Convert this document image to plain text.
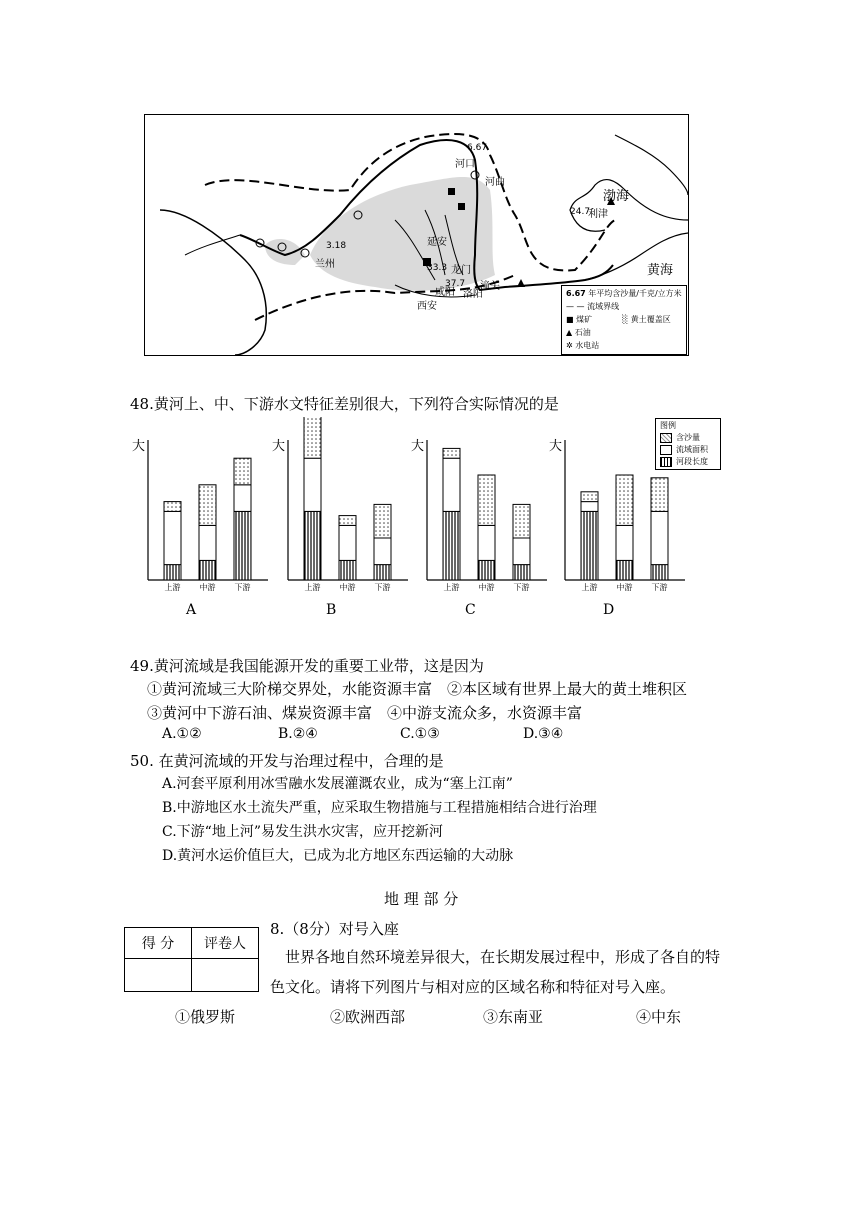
河口
河曲
6.67
兰州
3.18	延安
龙门
33.3
西安
咸阳
37.7
洛阳
潼关
利津
24.7
渤海
黄海
6.67 年平均含沙量/千克/立方米
— — 流域界线
■ 煤矿	░ 黄土覆盖区
▲ 石油
✲ 水电站
48.黄河上、中、下游水文特征差别很大，下列符合实际情况的是
大
上游 中游 下游
A
大
上游 中游 下游
B
大
上游 中游 下游
C
大
上游 中游 下游
D
图例
含沙量
流域面积
河段长度
49.黄河流域是我国能源开发的重要工业带，这是因为
①黄河流域三大阶梯交界处，水能资源丰富　②本区域有世界上最大的黄土堆积区
③黄河中下游石油、煤炭资源丰富　④中游支流众多，水资源丰富
A.①②	B.②④	C.①③	D.③④
50. 在黄河流域的开发与治理过程中，合理的是
A.河套平原利用冰雪融水发展灌溉农业，成为“塞上江南”
B.中游地区水土流失严重，应采取生物措施与工程措施相结合进行治理
C.下游“地上河”易发生洪水灾害，应开挖新河
D.黄河水运价值巨大，已成为北方地区东西运输的大动脉
地 理 部 分
得 分	评卷人

8.（8分）对号入座
世界各地自然环境差异很大，在长期发展过程中，形成了各自的特
色文化。请将下列图片与相对应的区域名称和特征对号入座。
①俄罗斯	②欧洲西部	③东南亚	④中东
